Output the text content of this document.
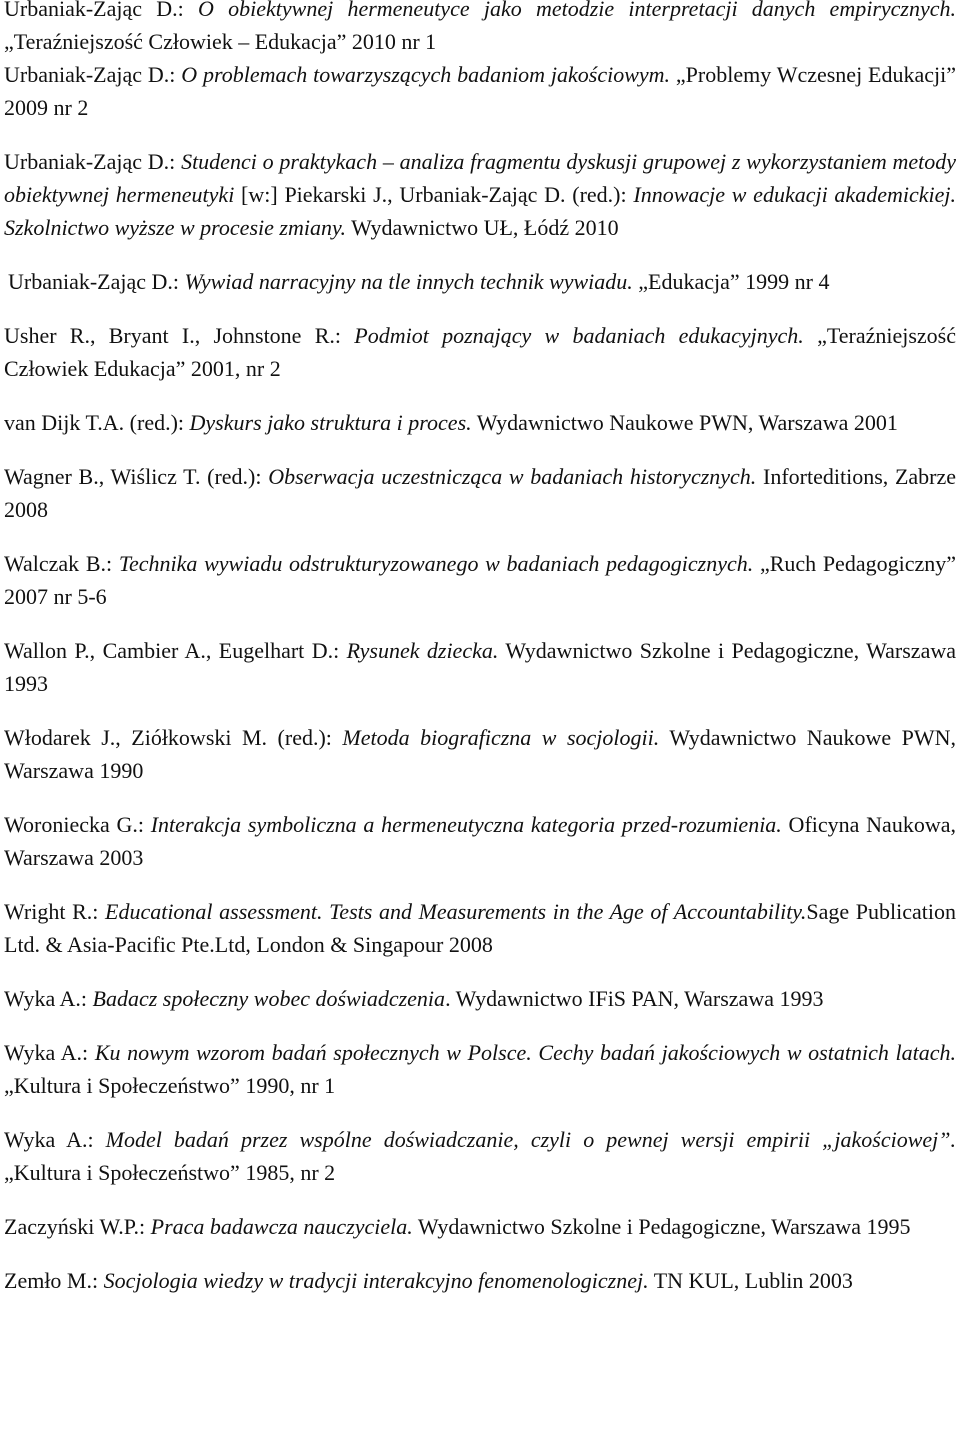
Urbaniak-Zając D.: O obiektywnej hermeneutyce jako metodzie interpretacji danych empirycznych. „Teraźniejszość Człowiek – Edukacja” 2010 nr 1

Urbaniak-Zając D.: O problemach towarzyszących badaniom jakościowym. „Problemy Wczesnej Edukacji” 2009 nr 2

Urbaniak-Zając D.: Studenci o praktykach – analiza fragmentu dyskusji grupowej z wykorzystaniem metody obiektywnej hermeneutyki [w:] Piekarski J., Urbaniak-Zając D. (red.): Innowacje w edukacji akademickiej. Szkolnictwo wyższe w procesie zmiany. Wydawnictwo UŁ, Łódź 2010

Urbaniak-Zając D.: Wywiad narracyjny na tle innych technik wywiadu. „Edukacja” 1999 nr 4

Usher R., Bryant I., Johnstone R.: Podmiot poznający w badaniach edukacyjnych. „Teraźniejszość Człowiek Edukacja” 2001, nr 2

van Dijk T.A. (red.): Dyskurs jako struktura i proces. Wydawnictwo Naukowe PWN, Warszawa 2001

Wagner B., Wiślicz T. (red.): Obserwacja uczestnicząca w badaniach historycznych. Inforteditions, Zabrze 2008

Walczak B.: Technika wywiadu odstrukturyzowanego w badaniach pedagogicznych. „Ruch Pedagogiczny” 2007 nr 5-6

Wallon P., Cambier A., Eugelhart D.: Rysunek dziecka. Wydawnictwo Szkolne i Pedagogiczne, Warszawa 1993

Włodarek J., Ziółkowski M. (red.): Metoda biograficzna w socjologii. Wydawnictwo Naukowe PWN, Warszawa 1990

Woroniecka G.: Interakcja symboliczna a hermeneutyczna kategoria przed-rozumienia. Oficyna Naukowa, Warszawa 2003

Wright R.: Educational assessment. Tests and Measurements in the Age of Accountability.Sage Publication Ltd. & Asia-Pacific Pte.Ltd, London & Singapour 2008

Wyka A.: Badacz społeczny wobec doświadczenia. Wydawnictwo IFiS PAN, Warszawa 1993

Wyka A.: Ku nowym wzorom badań społecznych w Polsce. Cechy badań jakościowych w ostatnich latach. „Kultura i Społeczeństwo” 1990, nr 1

Wyka A.: Model badań przez wspólne doświadczanie, czyli o pewnej wersji empirii „jakościowej”. „Kultura i Społeczeństwo” 1985, nr 2

Zaczyński W.P.: Praca badawcza nauczyciela. Wydawnictwo Szkolne i Pedagogiczne, Warszawa 1995

Zemło M.: Socjologia wiedzy w tradycji interakcyjno fenomenologicznej. TN KUL, Lublin 2003
